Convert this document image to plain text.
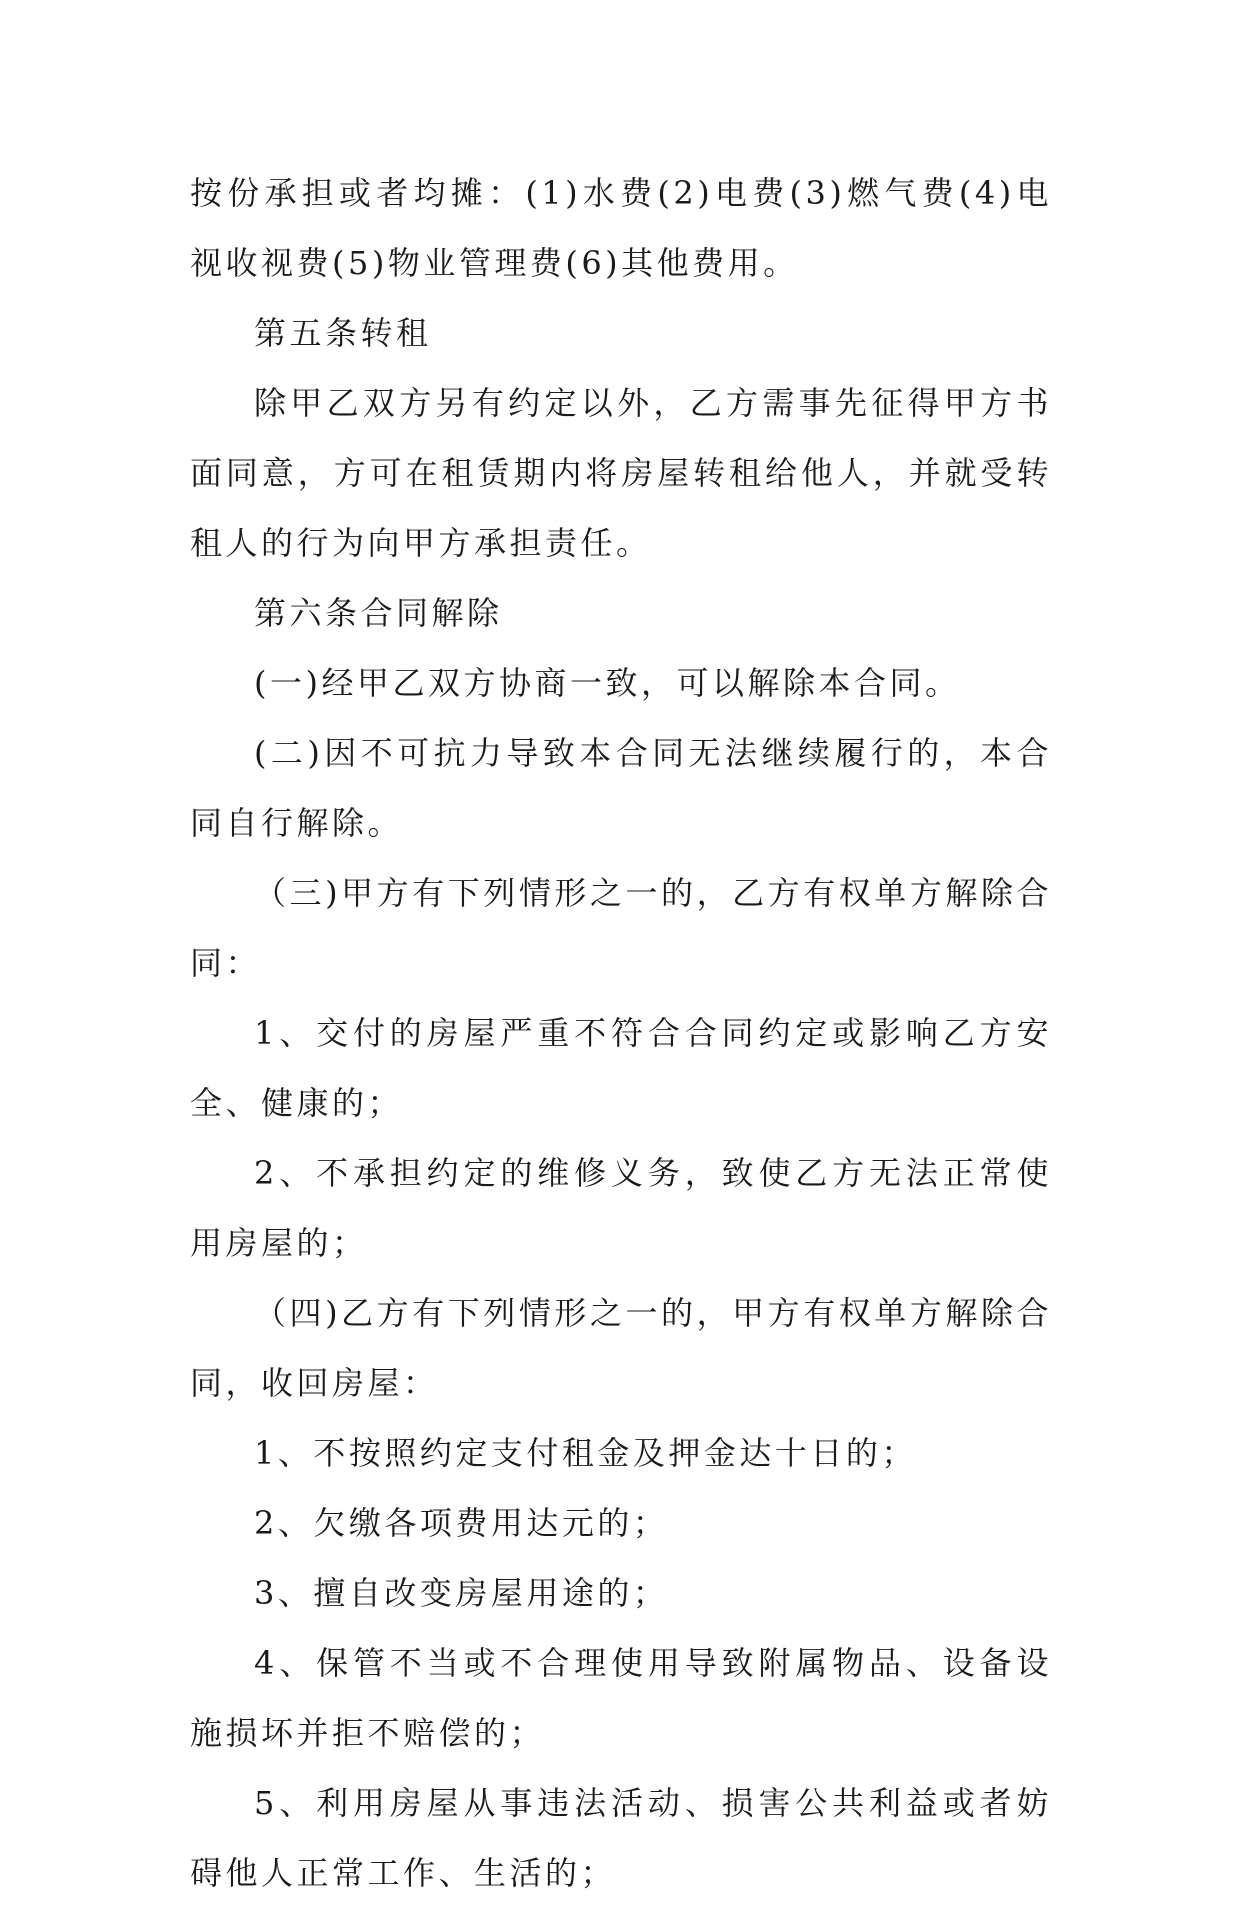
按份承担或者均摊：(1)水费(2)电费(3)燃气费(4)电视收视费(5)物业管理费(6)其他费用。

第五条转租

除甲乙双方另有约定以外，乙方需事先征得甲方书面同意，方可在租赁期内将房屋转租给他人，并就受转租人的行为向甲方承担责任。

第六条合同解除

(一)经甲乙双方协商一致，可以解除本合同。

(二)因不可抗力导致本合同无法继续履行的，本合同自行解除。

（三)甲方有下列情形之一的，乙方有权单方解除合同：

1、交付的房屋严重不符合合同约定或影响乙方安全、健康的；

2、不承担约定的维修义务，致使乙方无法正常使用房屋的；

（四)乙方有下列情形之一的，甲方有权单方解除合同，收回房屋：

1、不按照约定支付租金及押金达十日的；

2、欠缴各项费用达元的；

3、擅自改变房屋用途的；

4、保管不当或不合理使用导致附属物品、设备设施损坏并拒不赔偿的；

5、利用房屋从事违法活动、损害公共利益或者妨碍他人正常工作、生活的；
